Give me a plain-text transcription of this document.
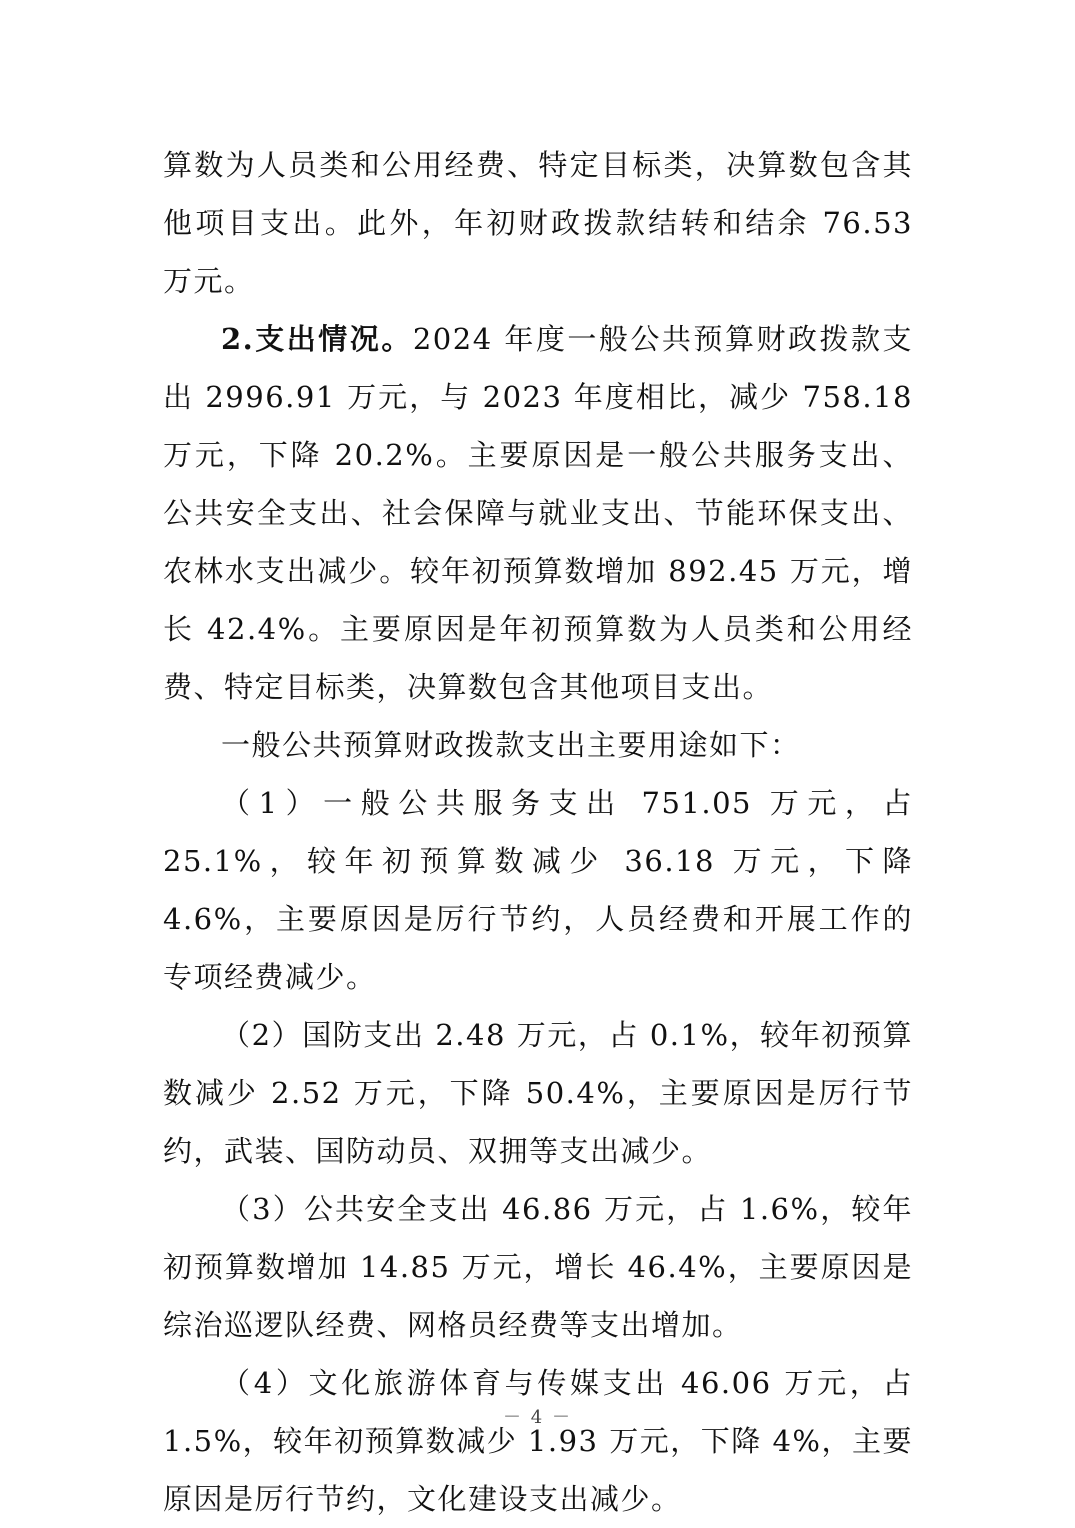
算数为人员类和公用经费、特定目标类，决算数包含其他项目支出。此外，年初财政拨款结转和结余 76.53 万元。

2.支出情况。2024 年度一般公共预算财政拨款支出 2996.91 万元，与 2023 年度相比，减少 758.18 万元，下降 20.2%。主要原因是一般公共服务支出、公共安全支出、社会保障与就业支出、节能环保支出、农林水支出减少。较年初预算数增加 892.45 万元，增长 42.4%。主要原因是年初预算数为人员类和公用经费、特定目标类，决算数包含其他项目支出。

一般公共预算财政拨款支出主要用途如下：

（1）一般公共服务支出 751.05 万元，占 25.1%，较年初预算数减少 36.18 万元，下降 4.6%，主要原因是厉行节约，人员经费和开展工作的专项经费减少。

（2）国防支出 2.48 万元，占 0.1%，较年初预算数减少 2.52 万元，下降 50.4%，主要原因是厉行节约，武装、国防动员、双拥等支出减少。

（3）公共安全支出 46.86 万元，占 1.6%，较年初预算数增加 14.85 万元，增长 46.4%，主要原因是综治巡逻队经费、网格员经费等支出增加。

（4）文化旅游体育与传媒支出 46.06 万元，占 1.5%，较年初预算数减少 1.93 万元，下降 4%，主要原因是厉行节约，文化建设支出减少。

－ 4 －
